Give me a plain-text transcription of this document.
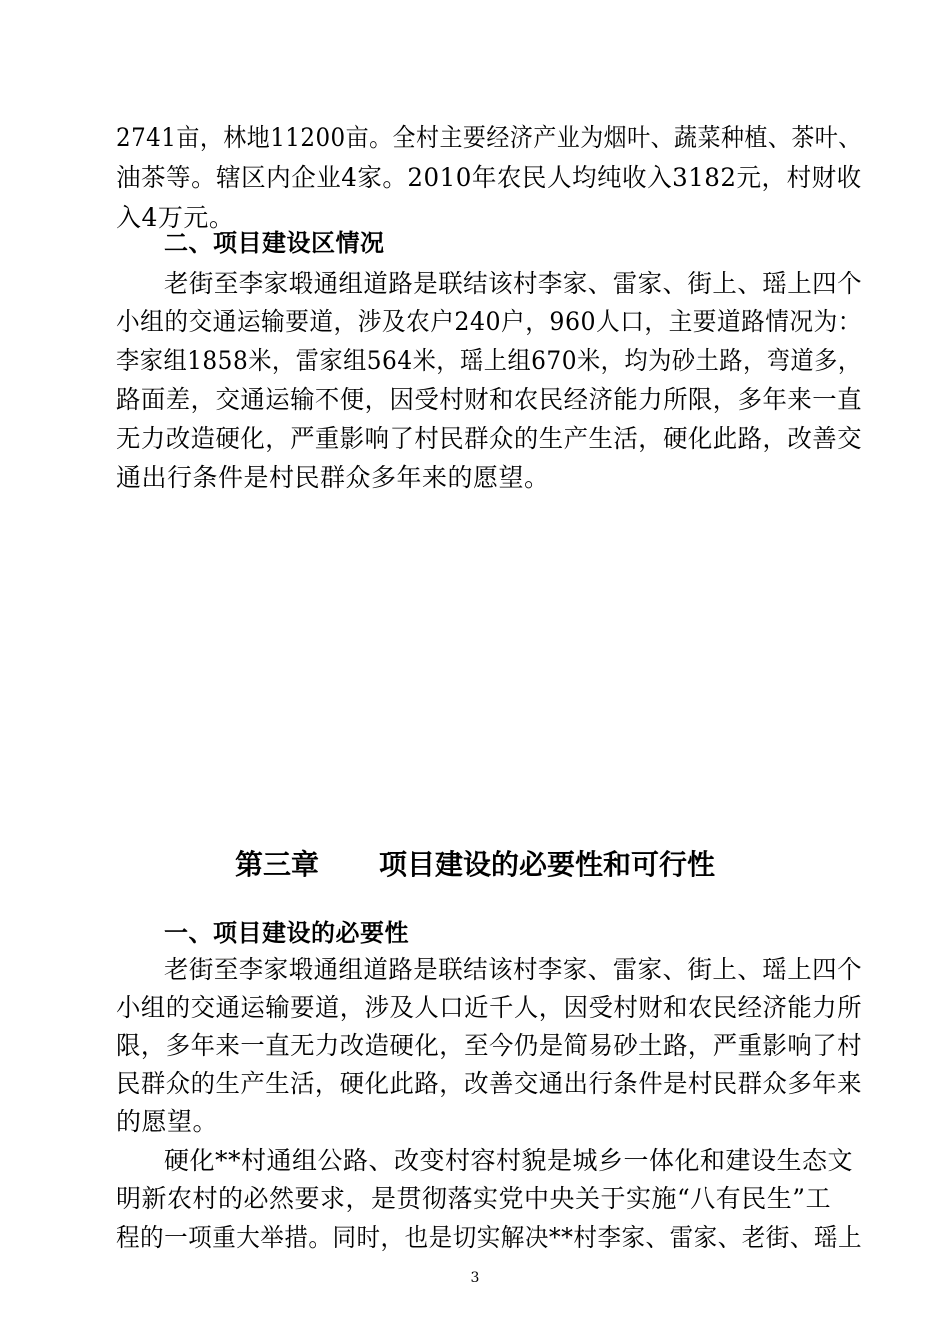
2741亩，林地11200亩。全村主要经济产业为烟叶、蔬菜种植、茶叶、
油茶等。辖区内企业4家。2010年农民人均纯收入3182元，村财收
入4万元。
二、项目建设区情况
老街至李家塅通组道路是联结该村李家、雷家、街上、瑶上四个
小组的交通运输要道，涉及农户240户，960人口，主要道路情况为：
李家组1858米，雷家组564米，瑶上组670米，均为砂土路，弯道多，
路面差，交通运输不便，因受村财和农民经济能力所限，多年来一直
无力改造硬化，严重影响了村民群众的生产生活，硬化此路，改善交
通出行条件是村民群众多年来的愿望。
第三章 项目建设的必要性和可行性
一、项目建设的必要性
老街至李家塅通组道路是联结该村李家、雷家、街上、瑶上四个
小组的交通运输要道，涉及人口近千人，因受村财和农民经济能力所
限，多年来一直无力改造硬化，至今仍是简易砂土路，严重影响了村
民群众的生产生活，硬化此路，改善交通出行条件是村民群众多年来
的愿望。
硬化**村通组公路、改变村容村貌是城乡一体化和建设生态文
明新农村的必然要求，是贯彻落实党中央关于实施“八有民生”工
程的一项重大举措。同时，也是切实解决**村李家、雷家、老街、瑶上
3
